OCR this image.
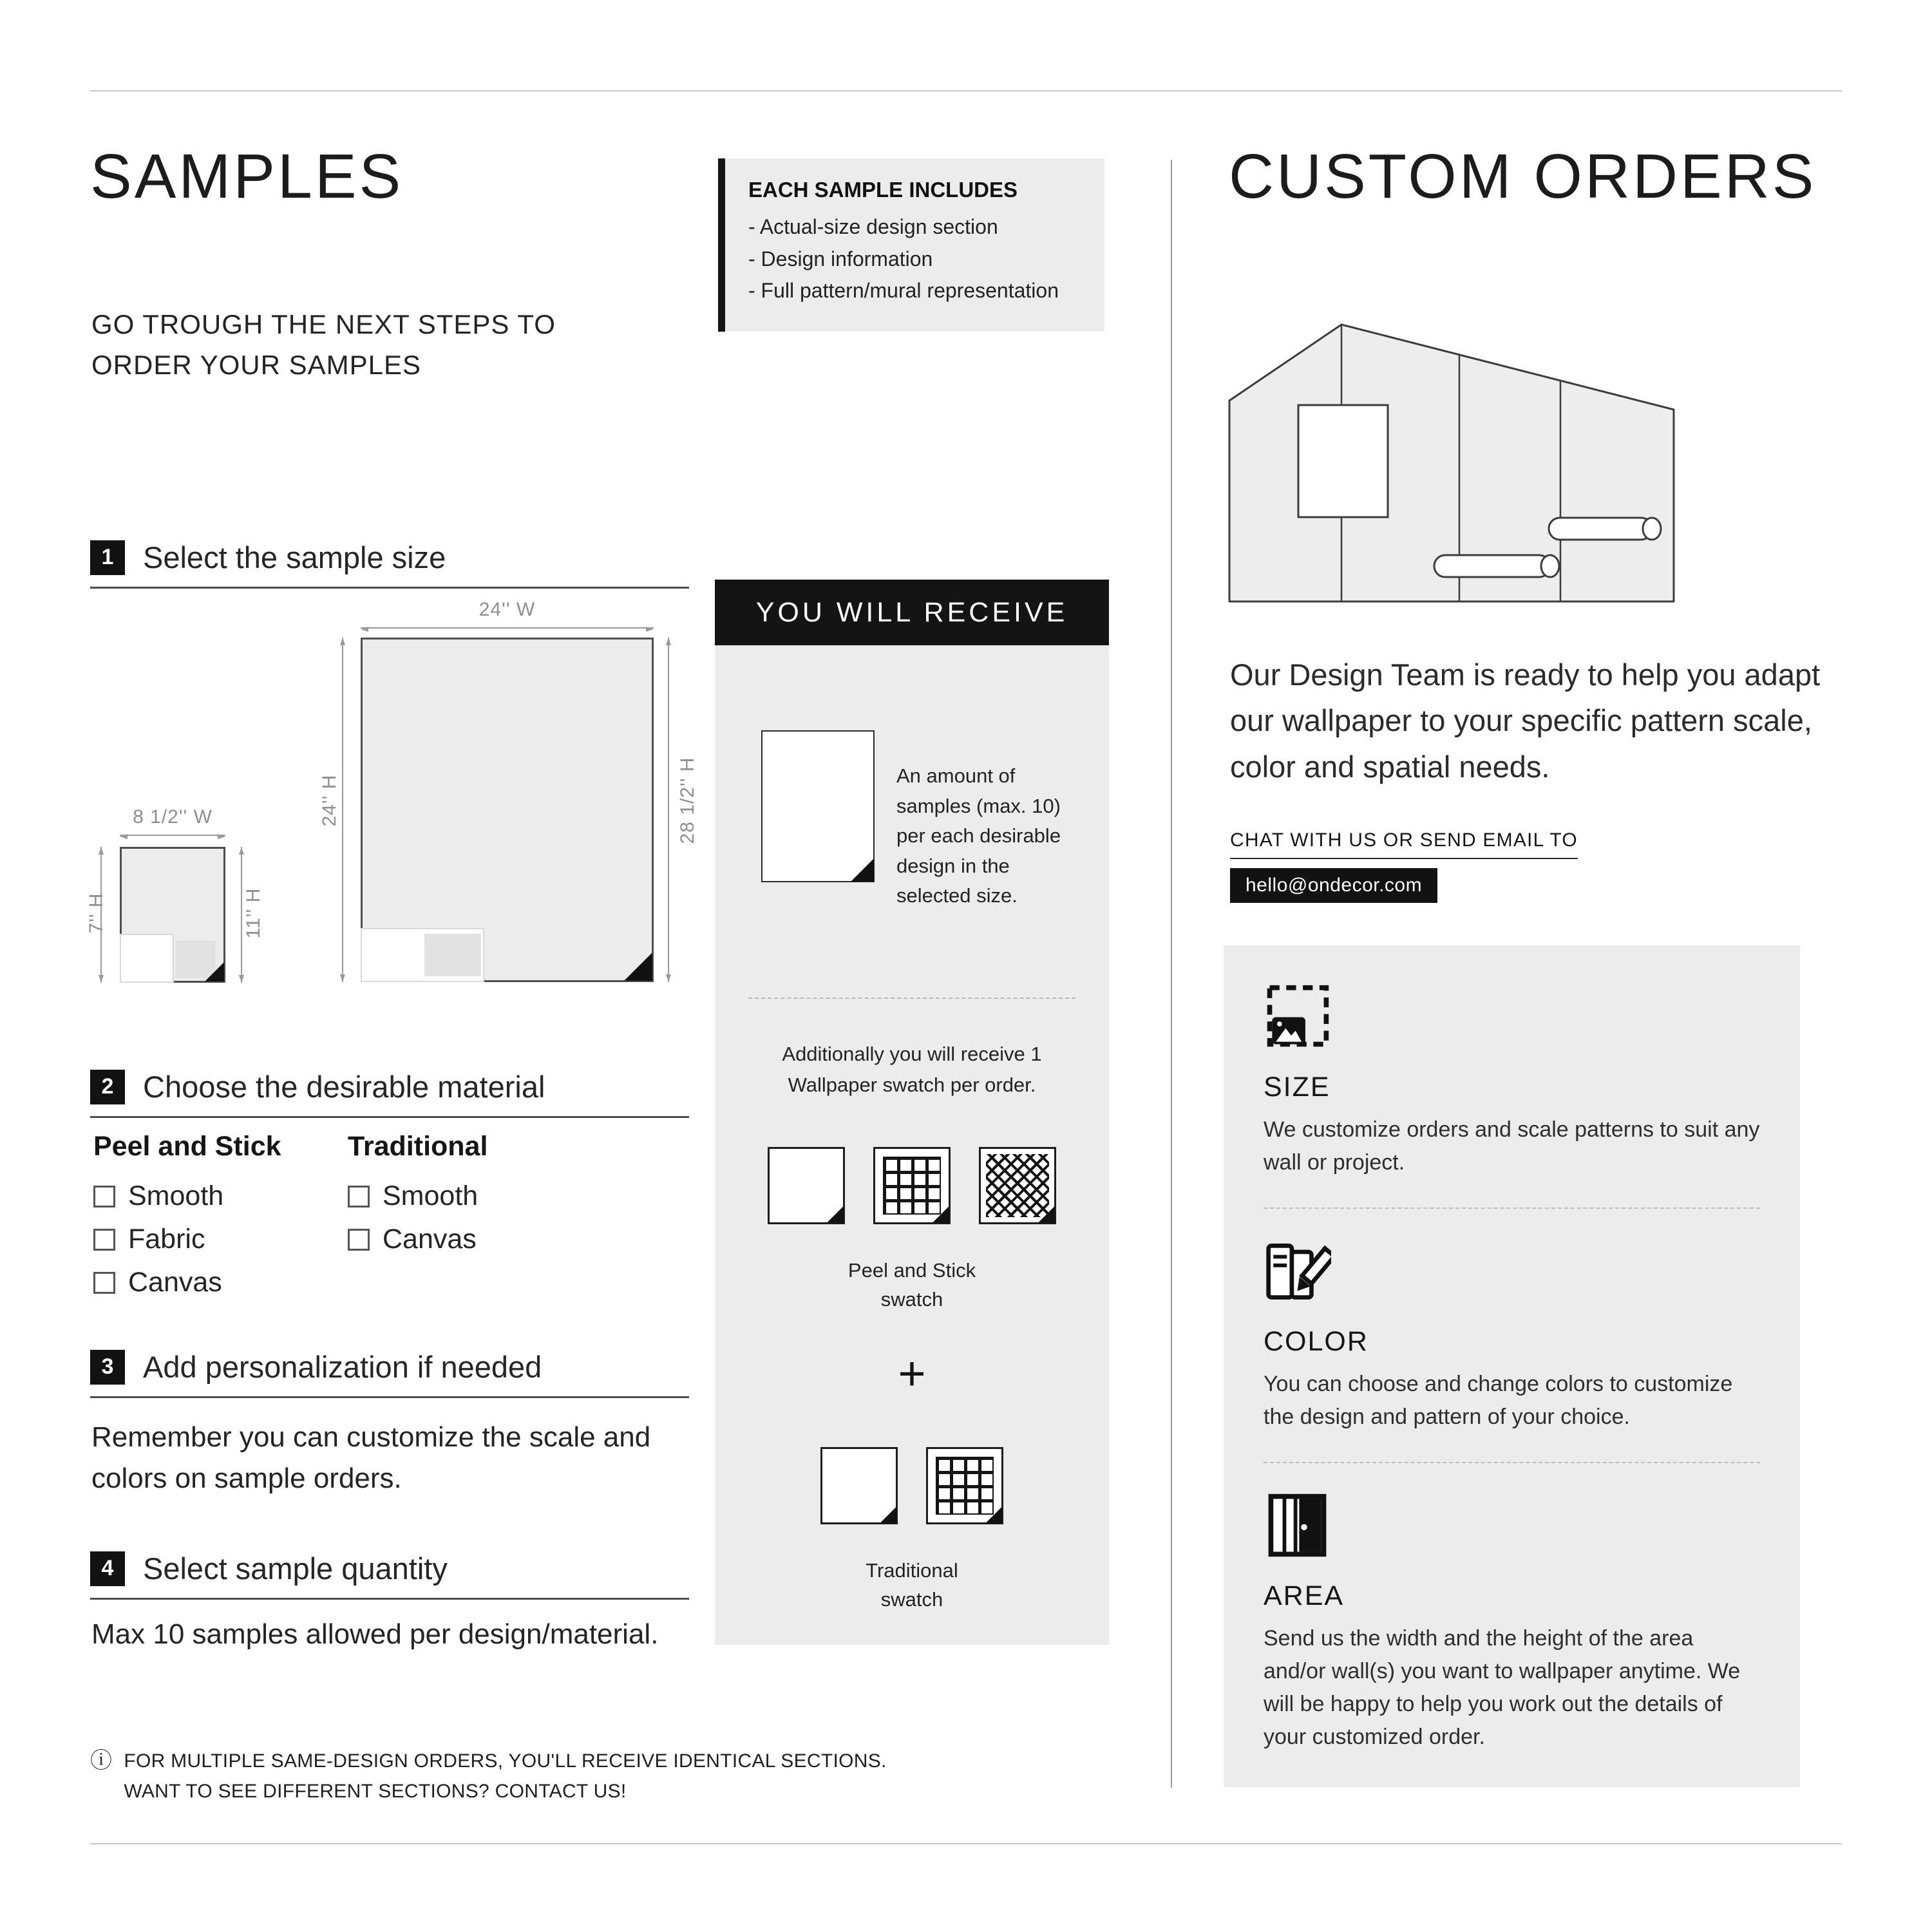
SAMPLES
GO TROUGH THE NEXT STEPS TO ORDER YOUR SAMPLES
EACH SAMPLE INCLUDES
- Actual-size design section
- Design information
- Full pattern/mural representation
1 Select the sample size
24'' W
24'' H	28 1/2'' H
8 1/2'' W
7'' H	11'' H
2 Choose the desirable material
Peel and Stick
Smooth
Fabric
Canvas
Traditional
Smooth
Canvas
3 Add personalization if needed
Remember you can customize the scale and colors on sample orders.
4 Select sample quantity
Max 10 samples allowed per design/material.
ⓘ FOR MULTIPLE SAME-DESIGN ORDERS, YOU'LL RECEIVE IDENTICAL SECTIONS. WANT TO SEE DIFFERENT SECTIONS? CONTACT US!
YOU WILL RECEIVE
An amount of samples (max. 10) per each desirable design in the selected size.
Additionally you will receive 1 Wallpaper swatch per order.
Peel and Stick swatch
+
Traditional swatch
CUSTOM ORDERS
Our Design Team is ready to help you adapt our wallpaper to your specific pattern scale, color and spatial needs.
CHAT WITH US OR SEND EMAIL TO
hello@ondecor.com
SIZE
We customize orders and scale patterns to suit any wall or project.
COLOR
You can choose and change colors to customize the design and pattern of your choice.
AREA
Send us the width and the height of the area and/or wall(s) you want to wallpaper anytime. We will be happy to help you work out the details of your customized order.
